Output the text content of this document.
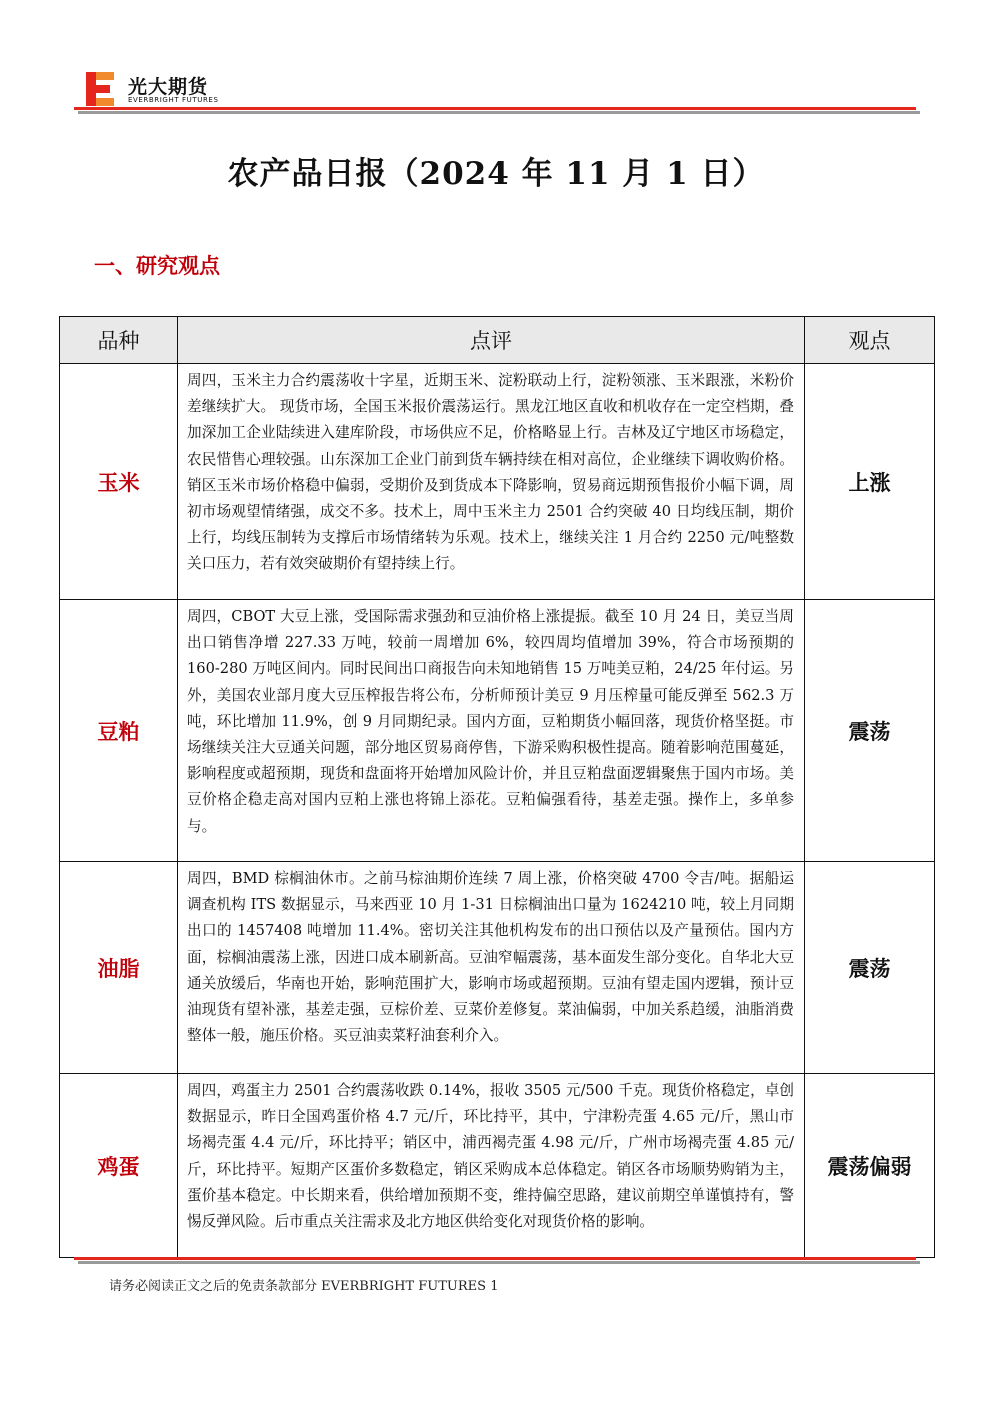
光大期货
EVERBRIGHT FUTURES
农产品日报（2024 年 11 月 1 日）
一、研究观点
品种	点评	观点
玉米	周四，玉米主力合约震荡收十字星，近期玉米、淀粉联动上行，淀粉领涨、玉米跟涨，米粉价差继续扩大。 现货市场，全国玉米报价震荡运行。黑龙江地区直收和机收存在一定空档期，叠加深加工企业陆续进入建库阶段，市场供应不足，价格略显上行。吉林及辽宁地区市场稳定，农民惜售心理较强。山东深加工企业门前到货车辆持续在相对高位，企业继续下调收购价格。销区玉米市场价格稳中偏弱，受期价及到货成本下降影响，贸易商远期预售报价小幅下调，周初市场观望情绪强，成交不多。技术上，周中玉米主力 2501 合约突破 40 日均线压制，期价上行，均线压制转为支撑后市场情绪转为乐观。技术上，继续关注 1 月合约 2250 元/吨整数关口压力，若有效突破期价有望持续上行。	上涨
豆粕	周四，CBOT 大豆上涨，受国际需求强劲和豆油价格上涨提振。截至 10 月 24 日，美豆当周出口销售净增 227.33 万吨，较前一周增加 6%，较四周均值增加 39%，符合市场预期的 160-280 万吨区间内。同时民间出口商报告向未知地销售 15 万吨美豆粕，24/25 年付运。另外，美国农业部月度大豆压榨报告将公布，分析师预计美豆 9 月压榨量可能反弹至 562.3 万吨，环比增加 11.9%，创 9 月同期纪录。国内方面，豆粕期货小幅回落，现货价格坚挺。市场继续关注大豆通关问题，部分地区贸易商停售，下游采购积极性提高。随着影响范围蔓延，影响程度或超预期，现货和盘面将开始增加风险计价，并且豆粕盘面逻辑聚焦于国内市场。美豆价格企稳走高对国内豆粕上涨也将锦上添花。豆粕偏强看待，基差走强。操作上，多单参与。	震荡
油脂	周四，BMD 棕榈油休市。之前马棕油期价连续 7 周上涨，价格突破 4700 令吉/吨。据船运调查机构 ITS 数据显示，马来西亚 10 月 1-31 日棕榈油出口量为 1624210 吨，较上月同期出口的 1457408 吨增加 11.4%。密切关注其他机构发布的出口预估以及产量预估。国内方面，棕榈油震荡上涨，因进口成本刷新高。豆油窄幅震荡，基本面发生部分变化。自华北大豆通关放缓后，华南也开始，影响范围扩大，影响市场或超预期。豆油有望走国内逻辑，预计豆油现货有望补涨，基差走强，豆棕价差、豆菜价差修复。菜油偏弱，中加关系趋缓，油脂消费整体一般，施压价格。买豆油卖菜籽油套利介入。	震荡
鸡蛋	周四，鸡蛋主力 2501 合约震荡收跌 0.14%，报收 3505 元/500 千克。现货价格稳定，卓创数据显示，昨日全国鸡蛋价格 4.7 元/斤，环比持平，其中，宁津粉壳蛋 4.65 元/斤，黑山市场褐壳蛋 4.4 元/斤，环比持平；销区中，浦西褐壳蛋 4.98 元/斤，广州市场褐壳蛋 4.85 元/斤，环比持平。短期产区蛋价多数稳定，销区采购成本总体稳定。销区各市场顺势购销为主，蛋价基本稳定。中长期来看，供给增加预期不变，维持偏空思路，建议前期空单谨慎持有，警惕反弹风险。后市重点关注需求及北方地区供给变化对现货价格的影响。	震荡偏弱
请务必阅读正文之后的免责条款部分 EVERBRIGHT FUTURES 1
